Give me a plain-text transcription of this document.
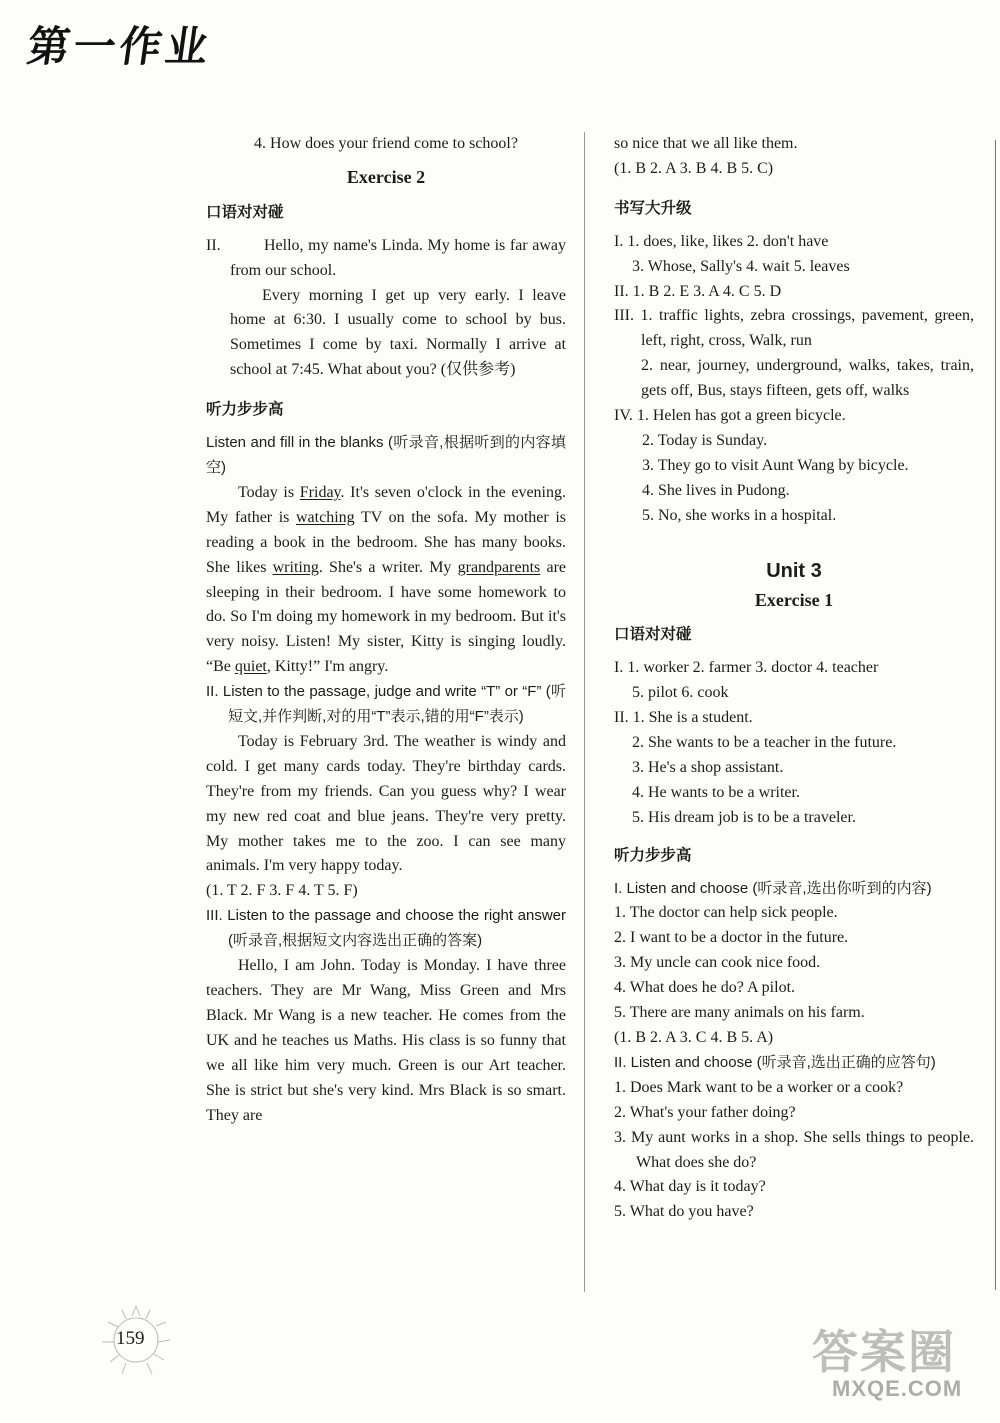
第一作业

4. How does your friend come to school?

Exercise 2
口语对对碰

II.	Hello, my name's Linda. My home is far away from our school.

Every morning I get up very early. I leave home at 6:30. I usually come to school by bus. Sometimes I come by taxi. Normally I arrive at school at 7:45. What about you? (仅供参考)

听力步步高

Listen and fill in the blanks (听录音,根据听到的内容填空)

Today is Friday. It's seven o'clock in the evening. My father is watching TV on the sofa. My mother is reading a book in the bedroom. She has many books. She likes writing. She's a writer. My grandparents are sleeping in their bedroom. I have some homework to do. So I'm doing my homework in my bedroom. But it's very noisy. Listen! My sister, Kitty is singing loudly. “Be quiet, Kitty!” I'm angry.

II. Listen to the passage, judge and write “T” or “F” (听短文,并作判断,对的用“T”表示,错的用“F”表示)

Today is February 3rd. The weather is windy and cold. I get many cards today. They're birthday cards. They're from my friends. Can you guess why? I wear my new red coat and blue jeans. They're very pretty. My mother takes me to the zoo. I can see many animals. I'm very happy today.

(1. T 2. F 3. F 4. T 5. F)

III. Listen to the passage and choose the right answer (听录音,根据短文内容选出正确的答案)

Hello, I am John. Today is Monday. I have three teachers. They are Mr Wang, Miss Green and Mrs Black. Mr Wang is a new teacher. He comes from the UK and he teaches us Maths. His class is so funny that we all like him very much. Green is our Art teacher. She is strict but she's very kind. Mrs Black is so smart. They are

so nice that we all like them.

(1. B 2. A 3. B 4. B 5. C)

书写大升级

I. 1. does, like, likes 2. don't have

3. Whose, Sally's 4. wait 5. leaves

II. 1. B 2. E 3. A 4. C 5. D

III. 1. traffic lights, zebra crossings, pavement, green, left, right, cross, Walk, run

2. near, journey, underground, walks, takes, train, gets off, Bus, stays fifteen, gets off, walks

IV. 1. Helen has got a green bicycle.

2. Today is Sunday.

3. They go to visit Aunt Wang by bicycle.

4. She lives in Pudong.

5. No, she works in a hospital.

Unit 3
Exercise 1
口语对对碰

I. 1. worker 2. farmer 3. doctor 4. teacher

5. pilot 6. cook

II. 1. She is a student.

2. She wants to be a teacher in the future.

3. He's a shop assistant.

4. He wants to be a writer.

5. His dream job is to be a traveler.

听力步步高

I. Listen and choose (听录音,选出你听到的内容)

1. The doctor can help sick people.

2. I want to be a doctor in the future.

3. My uncle can cook nice food.

4. What does he do? A pilot.

5. There are many animals on his farm.

(1. B 2. A 3. C 4. B 5. A)

II. Listen and choose (听录音,选出正确的应答句)

1. Does Mark want to be a worker or a cook?

2. What's your father doing?

3. My aunt works in a shop. She sells things to people. What does she do?

4. What day is it today?

5. What do you have?

159	答案圈
MXQE.COM
